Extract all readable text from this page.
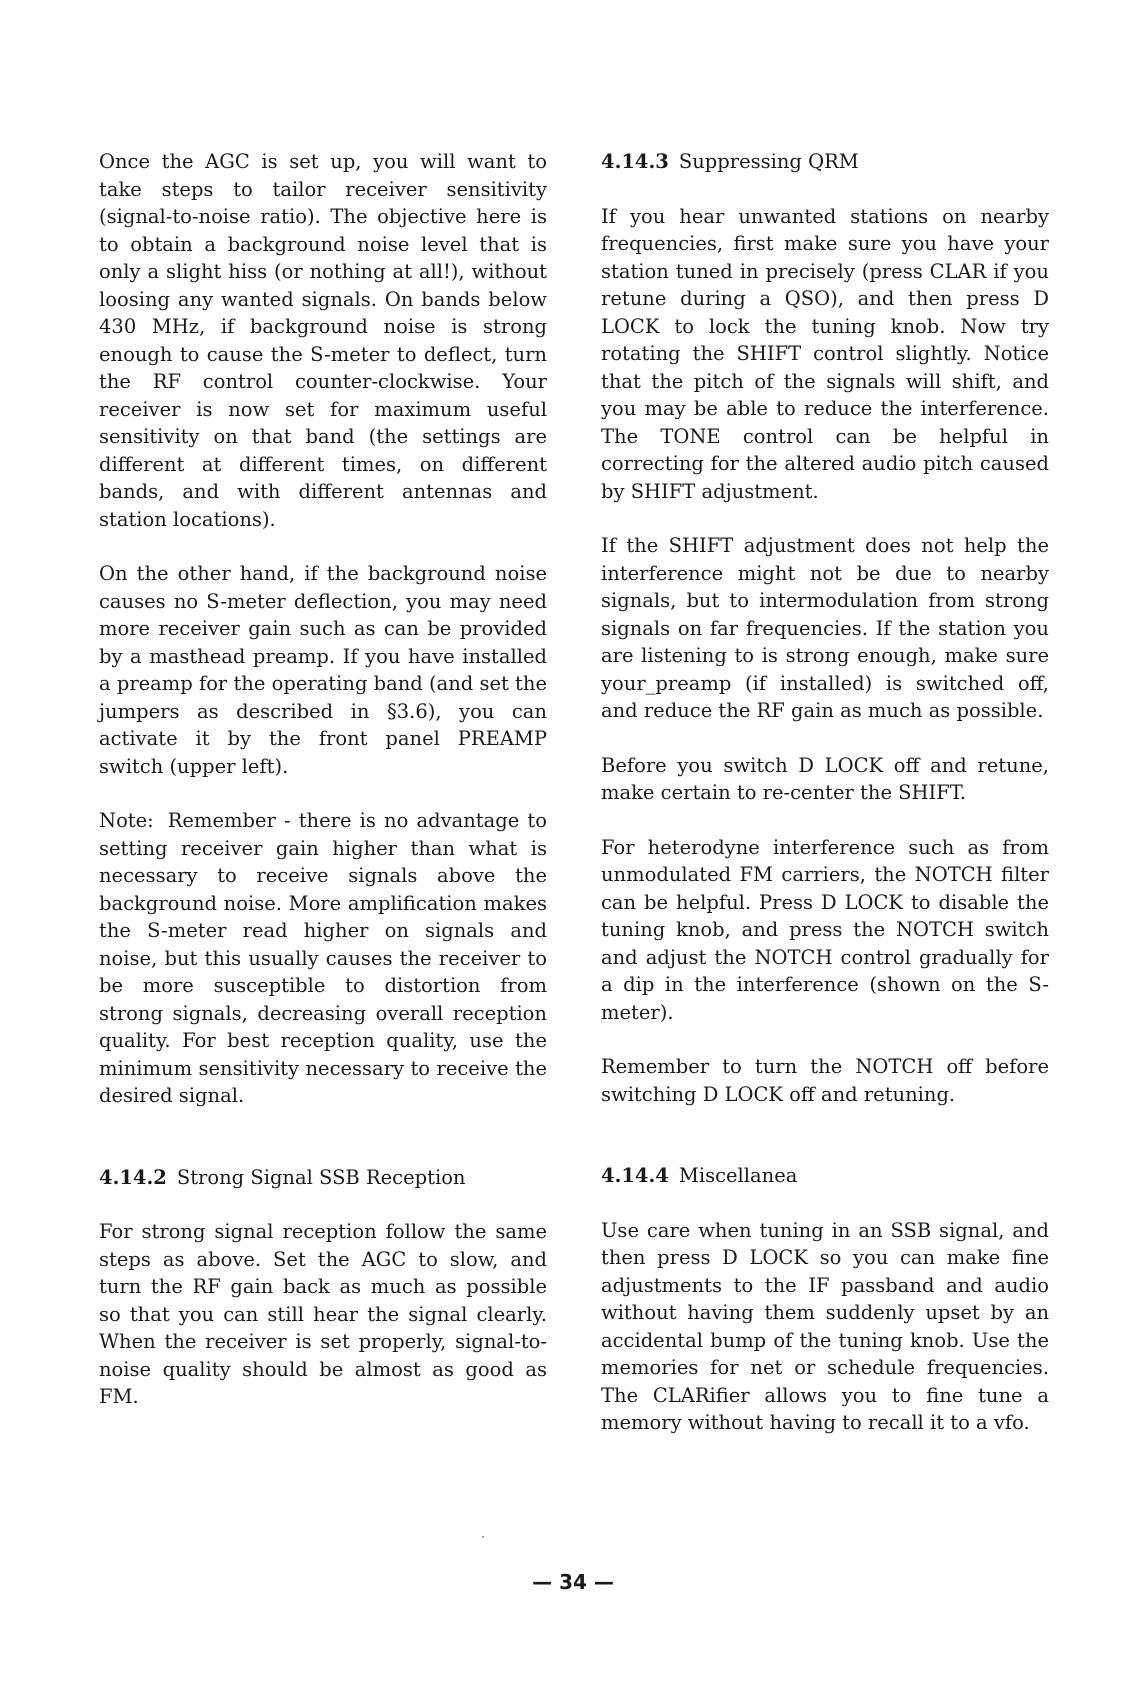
Once the AGC is set up, you will want to take steps to tailor receiver sensitivity (signal-to-noise ratio). The objective here is to obtain a background noise level that is only a slight hiss (or nothing at all!), without loosing any wanted signals. On bands below 430 MHz, if background noise is strong enough to cause the S-meter to deflect, turn the RF control counter-clockwise. Your receiver is now set for maximum useful sensitivity on that band (the settings are different at different times, on different bands, and with different antennas and station locations).

On the other hand, if the background noise causes no S-meter deflection, you may need more receiver gain such as can be provided by a masthead preamp. If you have installed a preamp for the operating band (and set the jumpers as described in §3.6), you can activate it by the front panel PREAMP switch (upper left).

Note: Remember - there is no advantage to setting receiver gain higher than what is necessary to receive signals above the background noise. More amplification makes the S-meter read higher on signals and noise, but this usually causes the receiver to be more susceptible to distortion from strong signals, decreasing overall reception quality. For best reception quality, use the minimum sensitivity necessary to receive the desired signal.

4.14.2 Strong Signal SSB Reception

For strong signal reception follow the same steps as above. Set the AGC to slow, and turn the RF gain back as much as possible so that you can still hear the signal clearly. When the receiver is set properly, signal-to-noise quality should be almost as good as FM.

4.14.3 Suppressing QRM

If you hear unwanted stations on nearby frequencies, first make sure you have your station tuned in precisely (press CLAR if you retune during a QSO), and then press D LOCK to lock the tuning knob. Now try rotating the SHIFT control slightly. Notice that the pitch of the signals will shift, and you may be able to reduce the interference. The TONE control can be helpful in correcting for the altered audio pitch caused by SHIFT adjustment.

If the SHIFT adjustment does not help the interference might not be due to nearby signals, but to intermodulation from strong signals on far frequencies. If the station you are listening to is strong enough, make sure your_preamp (if installed) is switched off, and reduce the RF gain as much as possible.

Before you switch D LOCK off and retune, make certain to re-center the SHIFT.

For heterodyne interference such as from unmodulated FM carriers, the NOTCH filter can be helpful. Press D LOCK to disable the tuning knob, and press the NOTCH switch and adjust the NOTCH control gradually for a dip in the interference (shown on the S-meter).

Remember to turn the NOTCH off before switching D LOCK off and retuning.

4.14.4 Miscellanea

Use care when tuning in an SSB signal, and then press D LOCK so you can make fine adjustments to the IF passband and audio without having them suddenly upset by an accidental bump of the tuning knob. Use the memories for net or schedule frequencies. The CLARifier allows you to fine tune a memory without having to recall it to a vfo.

— 34 —
